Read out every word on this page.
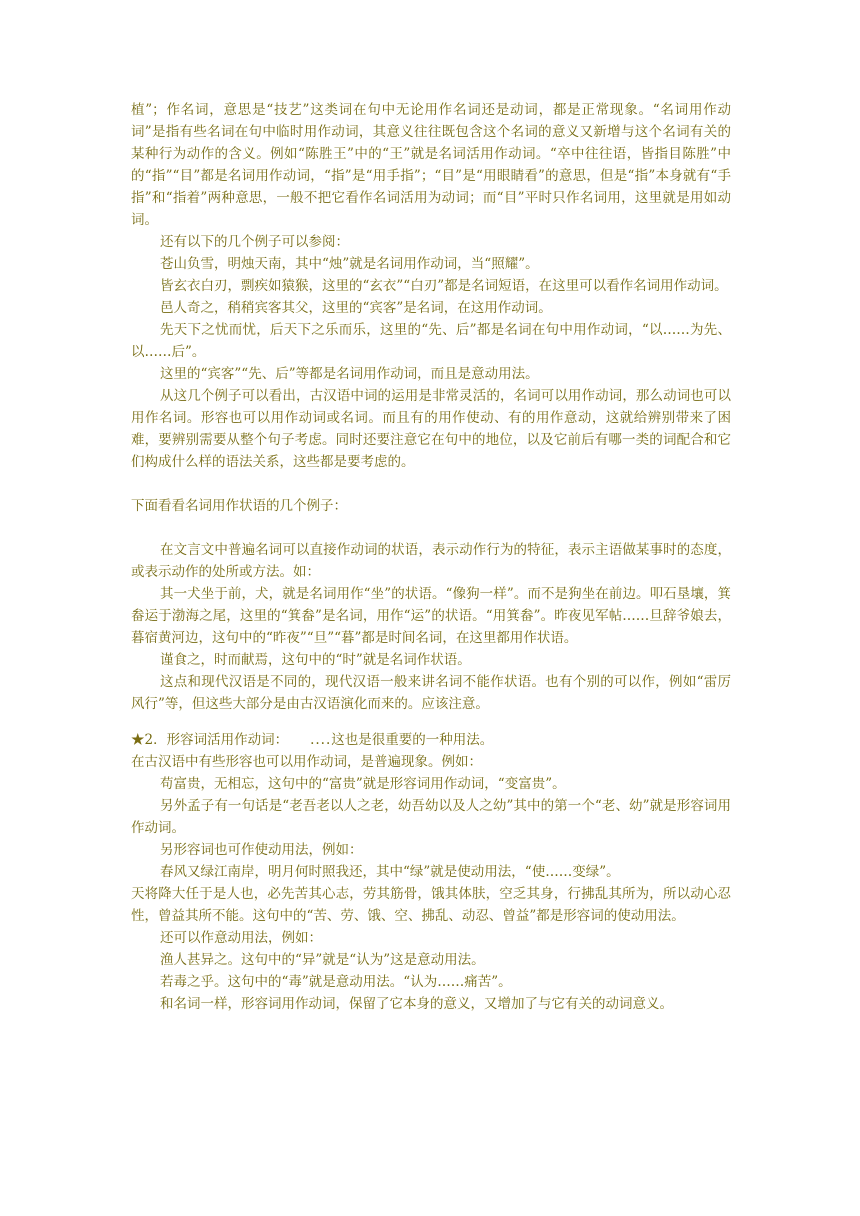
植”；作名词，意思是“技艺”这类词在句中无论用作名词还是动词，都是正常现象。“名词用作动词”是指有些名词在句中临时用作动词，其意义往往既包含这个名词的意义又新增与这个名词有关的某种行为动作的含义。例如“陈胜王”中的“王”就是名词活用作动词。“卒中往往语，皆指目陈胜”中的“指”“目”都是名词用作动词，“指”是“用手指”；“目”是“用眼睛看”的意思，但是“指”本身就有“手指”和“指着”两种意思，一般不把它看作名词活用为动词；而“目”平时只作名词用，这里就是用如动词。

还有以下的几个例子可以参阅：

苍山负雪，明烛天南，其中“烛”就是名词用作动词，当“照耀”。

皆玄衣白刃，剽疾如猿猴，这里的“玄衣”“白刃”都是名词短语，在这里可以看作名词用作动词。

邑人奇之，稍稍宾客其父，这里的“宾客”是名词，在这用作动词。

先天下之忧而忧，后天下之乐而乐，这里的“先、后”都是名词在句中用作动词，“以……为先、以……后”。

这里的“宾客”“先、后”等都是名词用作动词，而且是意动用法。

从这几个例子可以看出，古汉语中词的运用是非常灵活的，名词可以用作动词，那么动词也可以用作名词。形容也可以用作动词或名词。而且有的用作使动、有的用作意动，这就给辨别带来了困难，要辨别需要从整个句子考虑。同时还要注意它在句中的地位，以及它前后有哪一类的词配合和它们构成什么样的语法关系，这些都是要考虑的。

下面看看名词用作状语的几个例子：

在文言文中普遍名词可以直接作动词的状语，表示动作行为的特征，表示主语做某事时的态度，或表示动作的处所或方法。如：

其一犬坐于前，犬，就是名词用作“坐”的状语。“像狗一样”。而不是狗坐在前边。叩石垦壤，箕畚运于渤海之尾，这里的“箕畚”是名词，用作“运”的状语。“用箕畚”。昨夜见军帖……旦辞爷娘去，暮宿黄河边，这句中的“昨夜”“旦”“暮”都是时间名词，在这里都用作状语。

谨食之，时而献焉，这句中的“时”就是名词作状语。

这点和现代汉语是不同的，现代汉语一般来讲名词不能作状语。也有个别的可以作，例如“雷厉风行”等，但这些大部分是由古汉语演化而来的。应该注意。

★2．形容词活用作动词： ....这也是很重要的一种用法。

在古汉语中有些形容也可以用作动词，是普遍现象。例如：

苟富贵，无相忘，这句中的“富贵”就是形容词用作动词，“变富贵”。

另外孟子有一句话是“老吾老以人之老，幼吾幼以及人之幼”其中的第一个“老、幼”就是形容词用作动词。

另形容词也可作使动用法，例如：

春风又绿江南岸，明月何时照我还，其中“绿”就是使动用法，“使……变绿”。

天将降大任于是人也，必先苦其心志，劳其筋骨，饿其体肤，空乏其身，行拂乱其所为，所以动心忍性，曾益其所不能。这句中的“苦、劳、饿、空、拂乱、动忍、曾益”都是形容词的使动用法。

还可以作意动用法，例如：

渔人甚异之。这句中的“异”就是“认为”这是意动用法。

若毒之乎。这句中的“毒”就是意动用法。“认为……痛苦”。

和名词一样，形容词用作动词，保留了它本身的意义，又增加了与它有关的动词意义。
